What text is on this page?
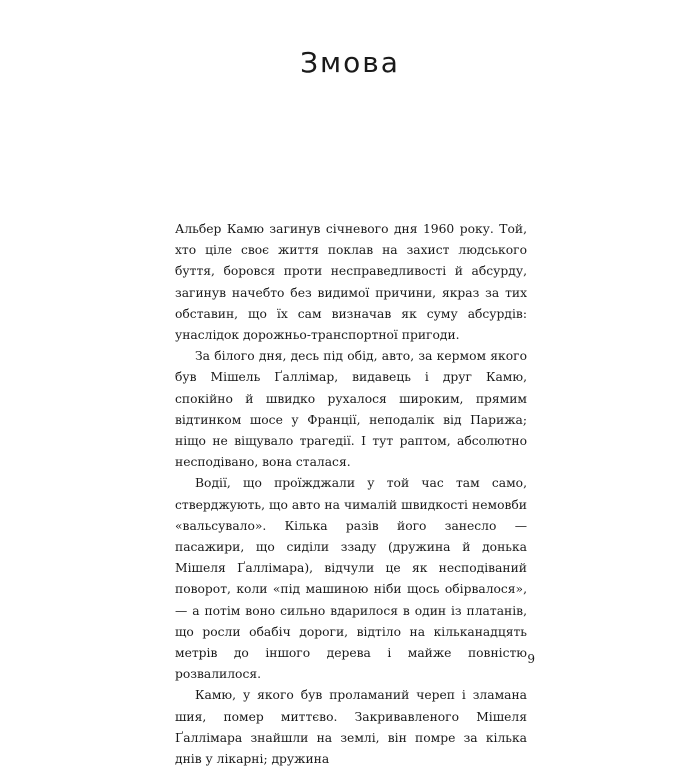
Змова

Альбер Камю загинув січневого дня 1960 року. Той, хто ціле своє життя поклав на захист людського буття, боровся проти несправедливості й абсурду, загинув начебто без видимої причини, якраз за тих обставин, що їх сам визначав як суму абсурдів: унаслідок дорожньо-транспортної пригоди.

За білого дня, десь під обід, авто, за кермом якого був Мішель Ґаллімар, видавець і друг Камю, спокійно й швидко рухалося широким, прямим відтинком шосе у Франції, неподалік від Парижа; ніщо не віщувало трагедії. І тут раптом, абсолютно несподівано, вона сталася.

Водії, що проїжджали у той час там само, стверджують, що авто на чималій швидкості немовби «вальсувало». Кілька разів його занесло — пасажири, що сиділи ззаду (дружина й донька Мішеля Ґаллімара), відчули це як несподіваний поворот, коли «під машиною ніби щось обірвалося», — а потім воно сильно вдарилося в один із платанів, що росли обабіч дороги, відтіло на кільканадцять метрів до іншого дерева і майже повністю розвалилося.

Камю, у якого був проламаний череп і зламана шия, помер миттєво. Закривавленого Мішеля Ґаллімара знайшли на землі, він помре за кілька днів у лікарні; дружина

9
